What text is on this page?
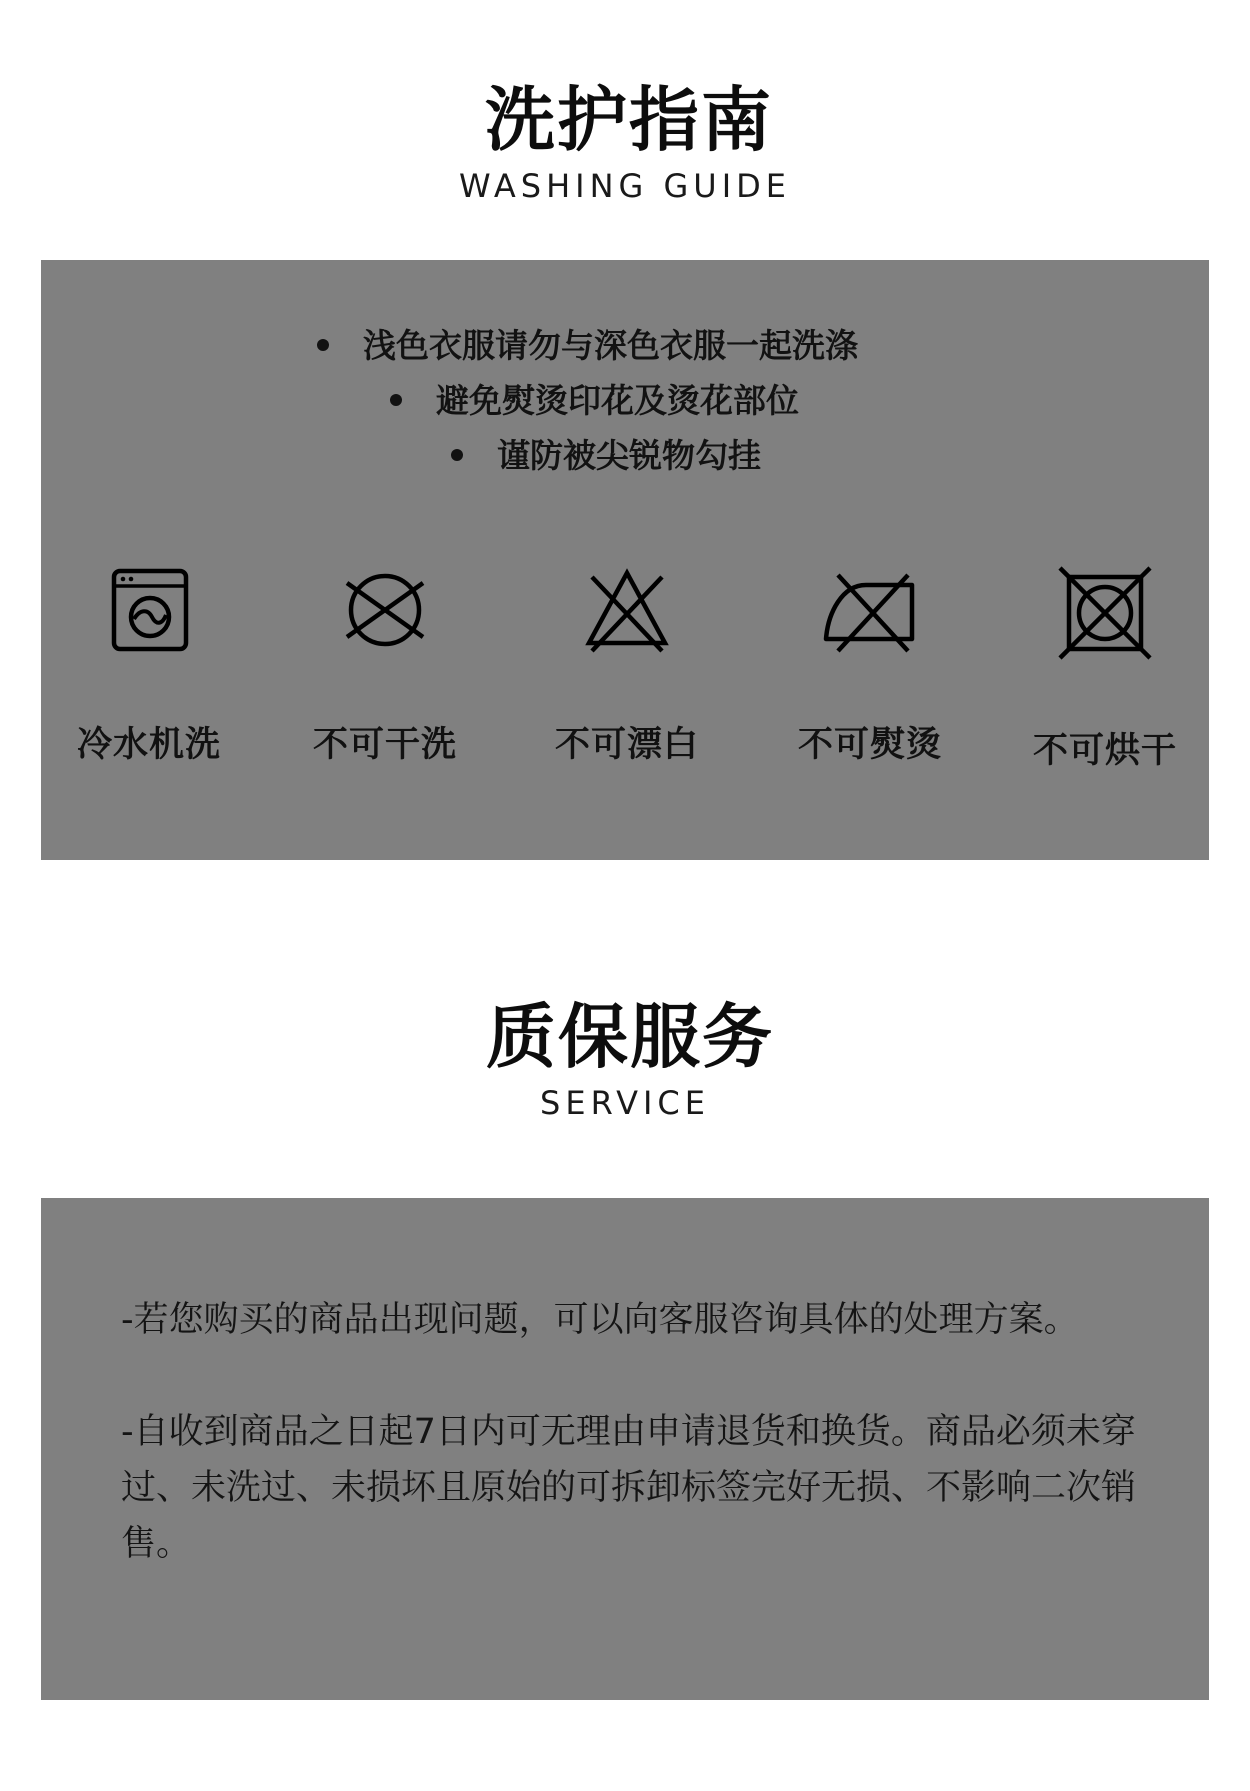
洗护指南
WASHING GUIDE
浅色衣服请勿与深色衣服一起洗涤
避免熨烫印花及烫花部位
谨防被尖锐物勾挂
冷水机洗	不可干洗	不可漂白	不可熨烫	不可烘干
质保服务
SERVICE
-若您购买的商品出现问题，可以向客服咨询具体的处理方案。
-自收到商品之日起7日内可无理由申请退货和换货。商品必须未穿过、未洗过、未损坏且原始的可拆卸标签完好无损、不影响二次销售。
